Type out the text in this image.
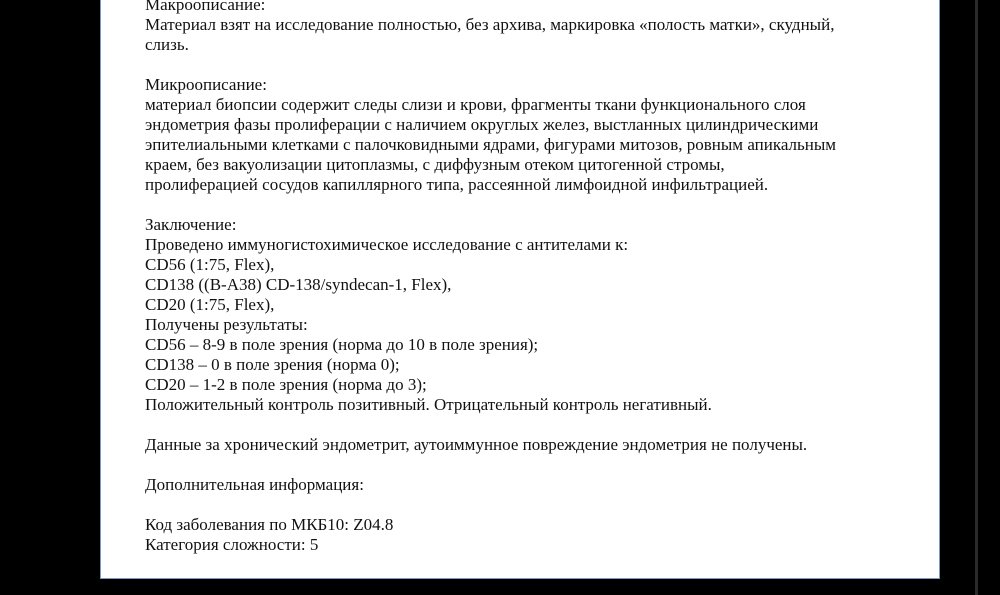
Макроописание:
Материал взят на исследование полностью, без архива, маркировка «полость матки», скудный,
слизь.
Микроописание:
материал биопсии содержит следы слизи и крови, фрагменты ткани функционального слоя
эндометрия фазы пролиферации с наличием округлых желез, выстланных цилиндрическими
эпителиальными клетками с палочковидными ядрами, фигурами митозов, ровным апикальным
краем, без вакуолизации цитоплазмы, с диффузным отеком цитогенной стромы,
пролиферацией сосудов капиллярного типа, рассеянной лимфоидной инфильтрацией.
Заключение:
Проведено иммуногистохимическое исследование с антителами к:
CD56 (1:75, Flex),
CD138 ((B-A38) CD-138/syndecan-1, Flex),
CD20 (1:75, Flex),
Получены результаты:
CD56 – 8-9 в поле зрения (норма до 10 в поле зрения);
CD138 – 0 в поле зрения (норма 0);
CD20 – 1-2 в поле зрения (норма до 3);
Положительный контроль позитивный. Отрицательный контроль негативный.
Данные за хронический эндометрит, аутоиммунное повреждение эндометрия не получены.
Дополнительная информация:
Код заболевания по МКБ10: Z04.8
Категория сложности: 5
